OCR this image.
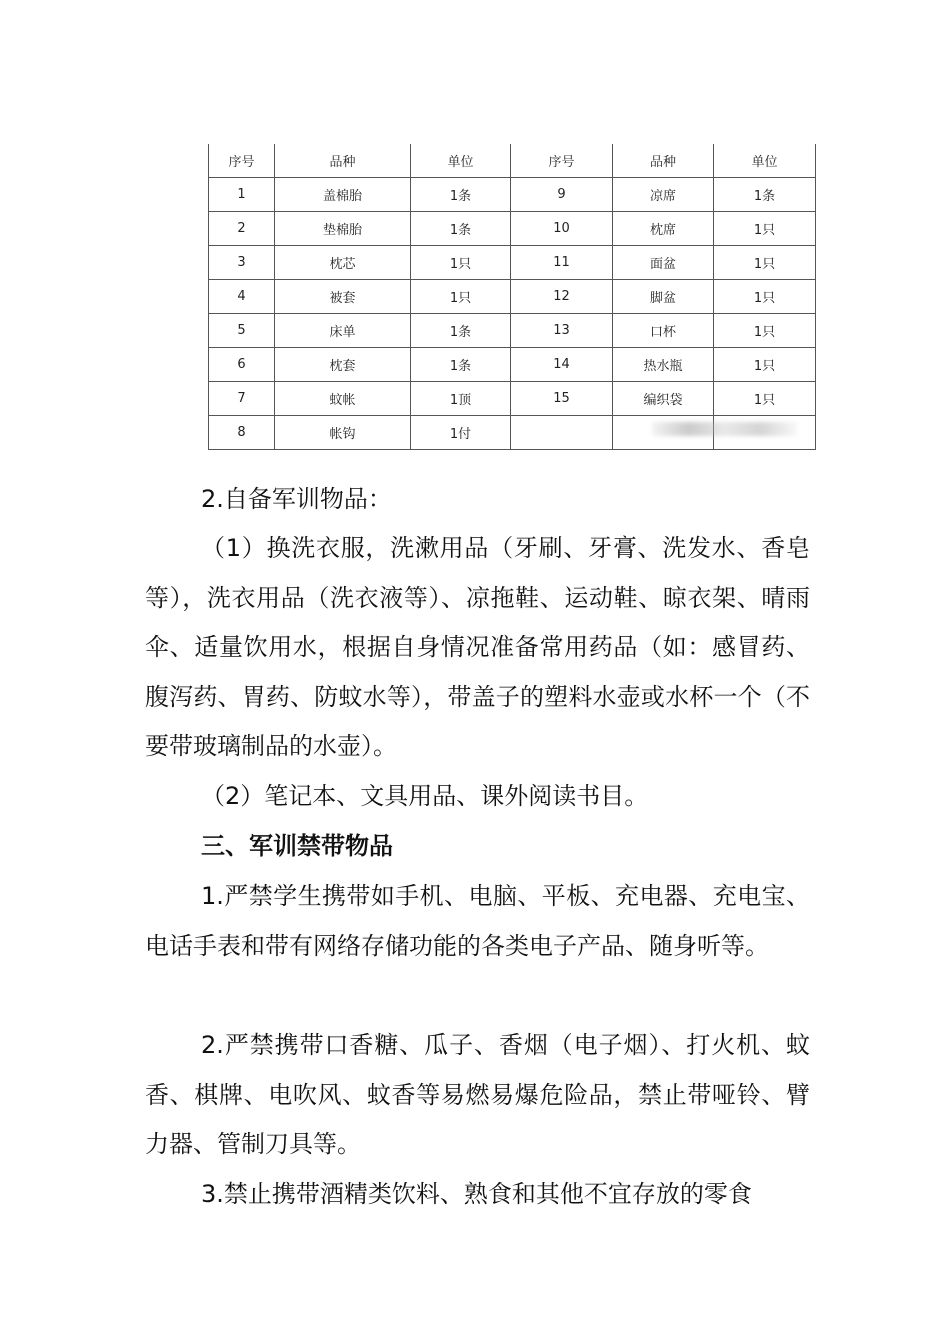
序号	品种	单位	序号	品种	单位
1	盖棉胎	1条	9	凉席	1条
2	垫棉胎	1条	10	枕席	1只
3	枕芯	1只	11	面盆	1只
4	被套	1只	12	脚盆	1只
5	床单	1条	13	口杯	1只
6	枕套	1条	14	热水瓶	1只
7	蚊帐	1顶	15	编织袋	1只
8	帐钩	1付			

2.自备军训物品：

（1）换洗衣服，洗漱用品（牙刷、牙膏、洗发水、香皂等），洗衣用品（洗衣液等）、凉拖鞋、运动鞋、晾衣架、晴雨伞、适量饮用水，根据自身情况准备常用药品（如：感冒药、腹泻药、胃药、防蚊水等），带盖子的塑料水壶或水杯一个（不要带玻璃制品的水壶）。

（2）笔记本、文具用品、课外阅读书目。

三、军训禁带物品

1.严禁学生携带如手机、电脑、平板、充电器、充电宝、电话手表和带有网络存储功能的各类电子产品、随身听等。

2.严禁携带口香糖、瓜子、香烟（电子烟）、打火机、蚊香、棋牌、电吹风、蚊香等易燃易爆危险品，禁止带哑铃、臂力器、管制刀具等。

3.禁止携带酒精类饮料、熟食和其他不宜存放的零食
